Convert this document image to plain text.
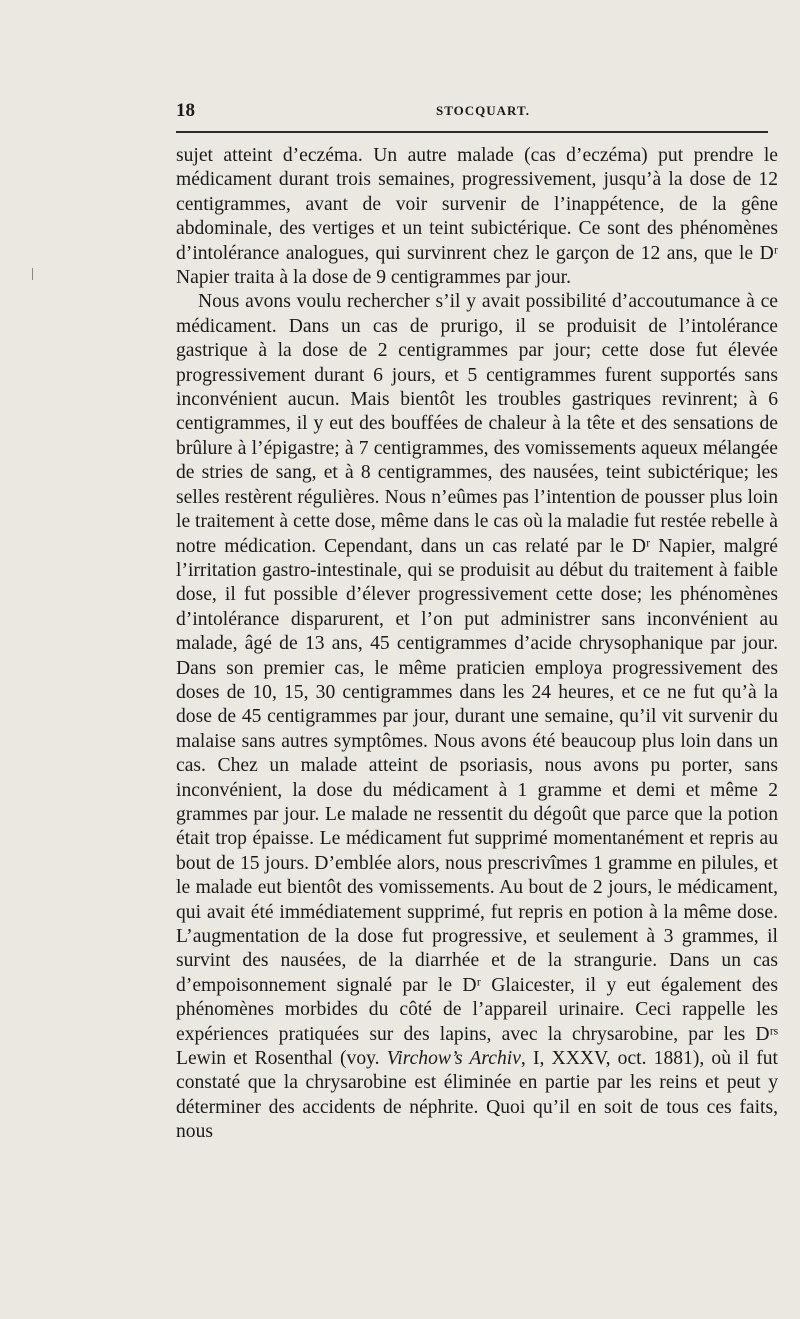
18	STOCQUART.

sujet atteint d’eczéma. Un autre malade (cas d’eczéma) put prendre le médicament durant trois semaines, progressivement, jusqu’à la dose de 12 centigrammes, avant de voir survenir de l’inappétence, de la gêne abdominale, des vertiges et un teint subictérique. Ce sont des phénomènes d’intolérance analogues, qui survinrent chez le garçon de 12 ans, que le Dʳ Napier traita à la dose de 9 centigrammes par jour.

Nous avons voulu rechercher s’il y avait possibilité d’accoutumance à ce médicament. Dans un cas de prurigo, il se produisit de l’intolérance gastrique à la dose de 2 centigrammes par jour; cette dose fut élevée progressivement durant 6 jours, et 5 centigrammes furent supportés sans inconvénient aucun. Mais bientôt les troubles gastriques revinrent; à 6 centigrammes, il y eut des bouffées de chaleur à la tête et des sensations de brûlure à l’épigastre; à 7 centigrammes, des vomissements aqueux mélangée de stries de sang, et à 8 centigrammes, des nausées, teint subictérique; les selles restèrent régulières. Nous n’eûmes pas l’intention de pousser plus loin le traitement à cette dose, même dans le cas où la maladie fut restée rebelle à notre médication. Cependant, dans un cas relaté par le Dʳ Napier, malgré l’irritation gastro-intestinale, qui se produisit au début du traitement à faible dose, il fut possible d’élever progressivement cette dose; les phénomènes d’intolérance disparurent, et l’on put administrer sans inconvénient au malade, âgé de 13 ans, 45 centigrammes d’acide chrysophanique par jour. Dans son premier cas, le même praticien employa progressivement des doses de 10, 15, 30 centigrammes dans les 24 heures, et ce ne fut qu’à la dose de 45 centigrammes par jour, durant une semaine, qu’il vit survenir du malaise sans autres symptômes. Nous avons été beaucoup plus loin dans un cas. Chez un malade atteint de psoriasis, nous avons pu porter, sans inconvénient, la dose du médicament à 1 gramme et demi et même 2 grammes par jour. Le malade ne ressentit du dégoût que parce que la potion était trop épaisse. Le médicament fut supprimé momentanément et repris au bout de 15 jours. D’emblée alors, nous prescrivîmes 1 gramme en pilules, et le malade eut bientôt des vomissements. Au bout de 2 jours, le médicament, qui avait été immédiatement supprimé, fut repris en potion à la même dose. L’augmentation de la dose fut progressive, et seulement à 3 grammes, il survint des nausées, de la diarrhée et de la strangurie. Dans un cas d’empoisonnement signalé par le Dʳ Glaicester, il y eut également des phénomènes morbides du côté de l’appareil urinaire. Ceci rappelle les expériences pratiquées sur des lapins, avec la chrysarobine, par les Dʳˢ Lewin et Rosenthal (voy. Virchow’s Archiv, I, XXXV, oct. 1881), où il fut constaté que la chrysarobine est éliminée en partie par les reins et peut y déterminer des accidents de néphrite. Quoi qu’il en soit de tous ces faits, nous
